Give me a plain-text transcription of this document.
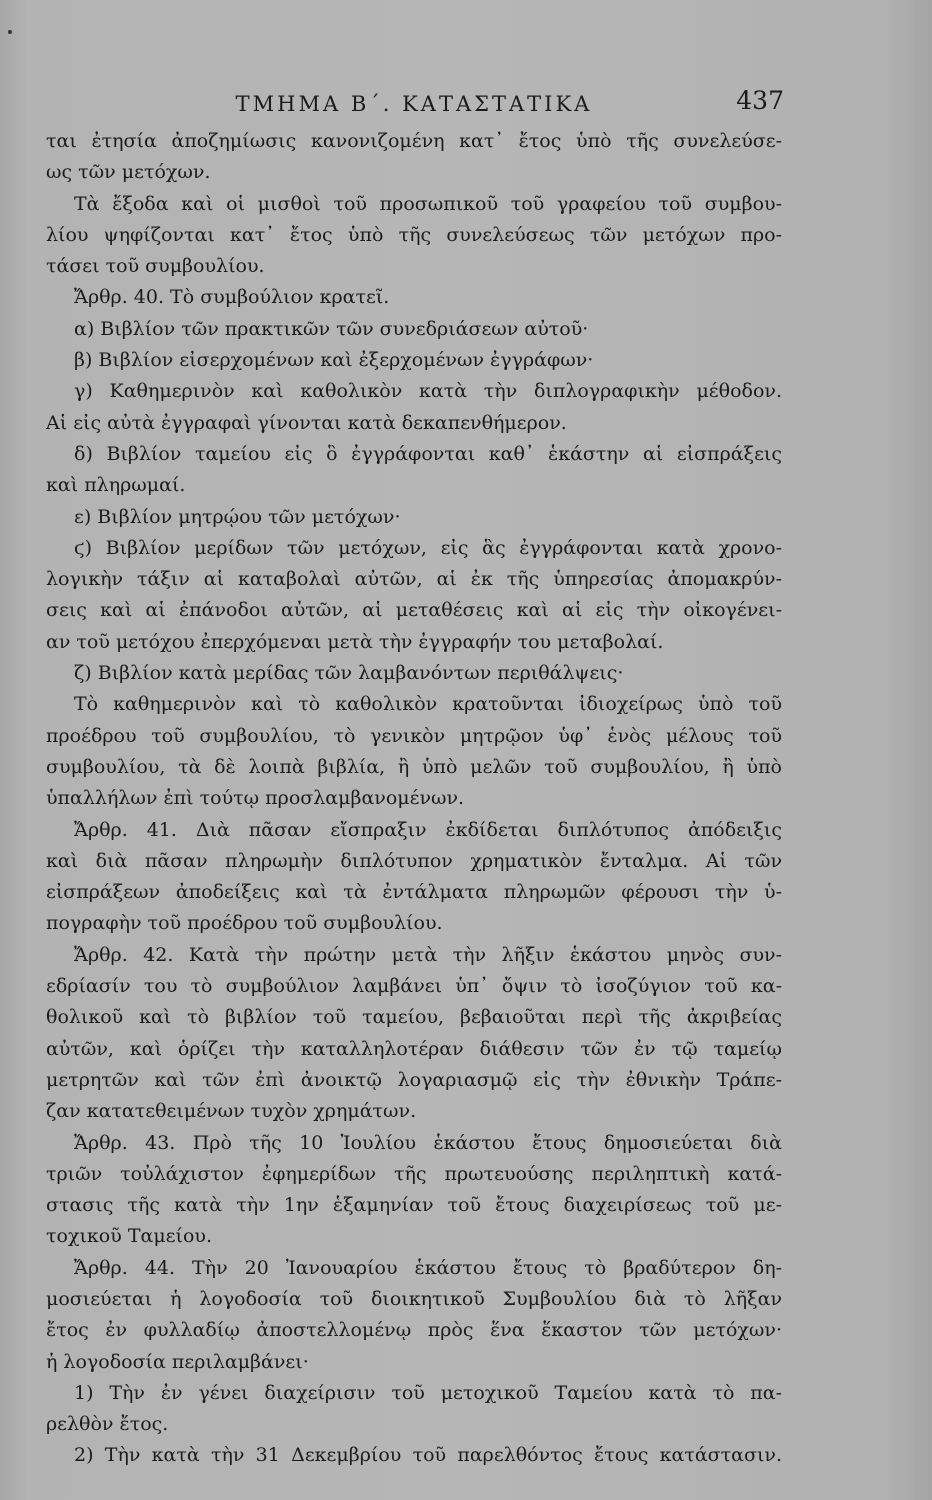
ΤΜΗΜΑ Β΄. ΚΑΤΑΣΤΑΤΙΚΑ	437
ται ἐτησία ἀποζημίωσις κανονιζομένη κατ᾽ ἔτος ὑπὸ τῆς συνελεύσε-
ως τῶν μετόχων.
Τὰ ἔξοδα καὶ οἱ μισθοὶ τοῦ προσωπικοῦ τοῦ γραφείου τοῦ συμβου-
λίου ψηφίζονται κατ᾽ ἔτος ὑπὸ τῆς συνελεύσεως τῶν μετόχων προ-
τάσει τοῦ συμβουλίου.
Ἄρθρ. 40. Τὸ συμβούλιον κρατεῖ.
α) Βιβλίον τῶν πρακτικῶν τῶν συνεδριάσεων αὐτοῦ·
β) Βιβλίον εἰσερχομένων καὶ ἐξερχομένων ἐγγράφων·
γ) Καθημερινὸν καὶ καθολικὸν κατὰ τὴν διπλογραφικὴν μέθοδον.
Αἱ εἰς αὐτὰ ἐγγραφαὶ γίνονται κατὰ δεκαπενθήμερον.
δ) Βιβλίον ταμείου εἰς ὃ ἐγγράφονται καθ᾽ ἑκάστην αἱ εἰσπράξεις
καὶ πληρωμαί.
ε) Βιβλίον μητρῴου τῶν μετόχων·
ϛ) Βιβλίον μερίδων τῶν μετόχων, εἰς ἃς ἐγγράφονται κατὰ χρονο-
λογικὴν τάξιν αἱ καταβολαὶ αὐτῶν, αἱ ἐκ τῆς ὑπηρεσίας ἀπομακρύν-
σεις καὶ αἱ ἐπάνοδοι αὐτῶν, αἱ μεταθέσεις καὶ αἱ εἰς τὴν οἰκογένει-
αν τοῦ μετόχου ἐπερχόμεναι μετὰ τὴν ἐγγραφήν του μεταβολαί.
ζ) Βιβλίον κατὰ μερίδας τῶν λαμβανόντων περιθάλψεις·
Τὸ καθημερινὸν καὶ τὸ καθολικὸν κρατοῦνται ἰδιοχείρως ὑπὸ τοῦ
προέδρου τοῦ συμβουλίου, τὸ γενικὸν μητρῷον ὑφ᾽ ἑνὸς μέλους τοῦ
συμβουλίου, τὰ δὲ λοιπὰ βιβλία, ἢ ὑπὸ μελῶν τοῦ συμβουλίου, ἢ ὑπὸ
ὑπαλλήλων ἐπὶ τούτῳ προσλαμβανομένων.
Ἄρθρ. 41. Διὰ πᾶσαν εἴσπραξιν ἐκδίδεται διπλότυπος ἀπόδειξις
καὶ διὰ πᾶσαν πληρωμὴν διπλότυπον χρηματικὸν ἔνταλμα. Αἱ τῶν
εἰσπράξεων ἀποδείξεις καὶ τὰ ἐντάλματα πληρωμῶν φέρουσι τὴν ὑ-
πογραφὴν τοῦ προέδρου τοῦ συμβουλίου.
Ἄρθρ. 42. Κατὰ τὴν πρώτην μετὰ τὴν λῆξιν ἑκάστου μηνὸς συν-
εδρίασίν του τὸ συμβούλιον λαμβάνει ὑπ᾽ ὄψιν τὸ ἰσοζύγιον τοῦ κα-
θολικοῦ καὶ τὸ βιβλίον τοῦ ταμείου, βεβαιοῦται περὶ τῆς ἀκριβείας
αὐτῶν, καὶ ὁρίζει τὴν καταλληλοτέραν διάθεσιν τῶν ἐν τῷ ταμείῳ
μετρητῶν καὶ τῶν ἐπὶ ἀνοικτῷ λογαριασμῷ εἰς τὴν ἐθνικὴν Τράπε-
ζαν κατατεθειμένων τυχὸν χρημάτων.
Ἄρθρ. 43. Πρὸ τῆς 10 Ἰουλίου ἑκάστου ἔτους δημοσιεύεται διὰ
τριῶν τοὐλάχιστον ἐφημερίδων τῆς πρωτευούσης περιληπτικὴ κατά-
στασις τῆς κατὰ τὴν 1ην ἑξαμηνίαν τοῦ ἔτους διαχειρίσεως τοῦ με-
τοχικοῦ Ταμείου.
Ἄρθρ. 44. Τὴν 20 Ἰανουαρίου ἑκάστου ἔτους τὸ βραδύτερον δη-
μοσιεύεται ἡ λογοδοσία τοῦ διοικητικοῦ Συμβουλίου διὰ τὸ λῆξαν
ἔτος ἐν φυλλαδίῳ ἀποστελλομένῳ πρὸς ἕνα ἕκαστον τῶν μετόχων·
ἡ λογοδοσία περιλαμβάνει·
1) Τὴν ἐν γένει διαχείρισιν τοῦ μετοχικοῦ Ταμείου κατὰ τὸ πα-
ρελθὸν ἔτος.
2) Τὴν κατὰ τὴν 31 Δεκεμβρίου τοῦ παρελθόντος ἔτους κατάστασιν.
